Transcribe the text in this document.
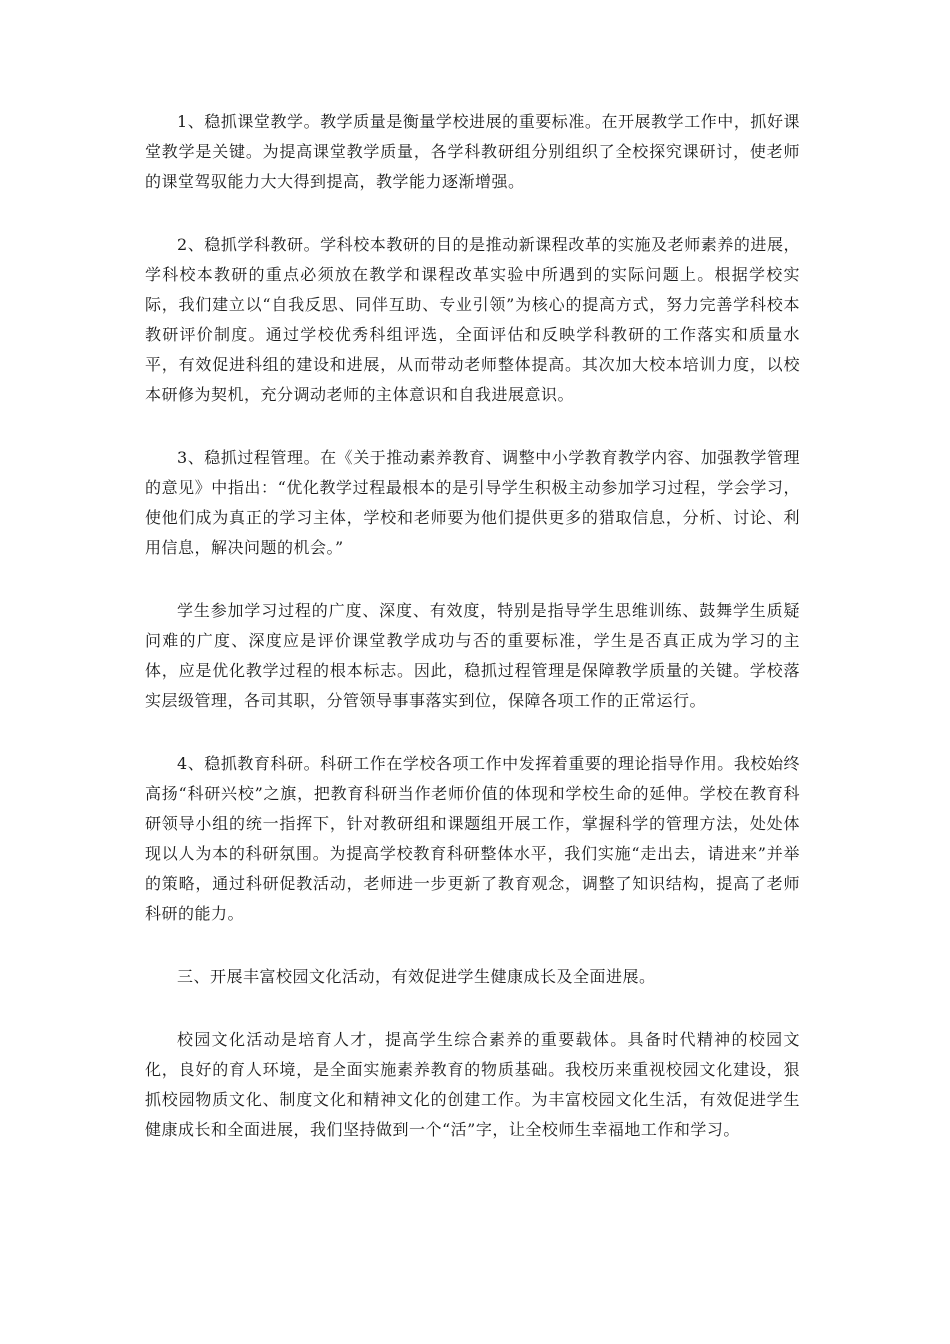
1、稳抓课堂教学。教学质量是衡量学校进展的重要标准。在开展教学工作中，抓好课堂教学是关键。为提高课堂教学质量，各学科教研组分别组织了全校探究课研讨，使老师的课堂驾驭能力大大得到提高，教学能力逐渐增强。

2、稳抓学科教研。学科校本教研的目的是推动新课程改革的实施及老师素养的进展，学科校本教研的重点必须放在教学和课程改革实验中所遇到的实际问题上。根据学校实际，我们建立以“自我反思、同伴互助、专业引领”为核心的提高方式，努力完善学科校本教研评价制度。通过学校优秀科组评选，全面评估和反映学科教研的工作落实和质量水平，有效促进科组的建设和进展，从而带动老师整体提高。其次加大校本培训力度，以校本研修为契机，充分调动老师的主体意识和自我进展意识。

3、稳抓过程管理。在《关于推动素养教育、调整中小学教育教学内容、加强教学管理的意见》中指出：“优化教学过程最根本的是引导学生积极主动参加学习过程，学会学习，使他们成为真正的学习主体，学校和老师要为他们提供更多的猎取信息，分析、讨论、利用信息，解决问题的机会。”

学生参加学习过程的广度、深度、有效度，特别是指导学生思维训练、鼓舞学生质疑问难的广度、深度应是评价课堂教学成功与否的重要标准，学生是否真正成为学习的主体，应是优化教学过程的根本标志。因此，稳抓过程管理是保障教学质量的关键。学校落实层级管理，各司其职，分管领导事事落实到位，保障各项工作的正常运行。

4、稳抓教育科研。科研工作在学校各项工作中发挥着重要的理论指导作用。我校始终高扬“科研兴校”之旗，把教育科研当作老师价值的体现和学校生命的延伸。学校在教育科研领导小组的统一指挥下，针对教研组和课题组开展工作，掌握科学的管理方法，处处体现以人为本的科研氛围。为提高学校教育科研整体水平，我们实施“走出去，请进来”并举的策略，通过科研促教活动，老师进一步更新了教育观念，调整了知识结构，提高了老师科研的能力。

三、开展丰富校园文化活动，有效促进学生健康成长及全面进展。

校园文化活动是培育人才，提高学生综合素养的重要载体。具备时代精神的校园文化，良好的育人环境，是全面实施素养教育的物质基础。我校历来重视校园文化建设，狠抓校园物质文化、制度文化和精神文化的创建工作。为丰富校园文化生活，有效促进学生健康成长和全面进展，我们坚持做到一个“活”字，让全校师生幸福地工作和学习。
